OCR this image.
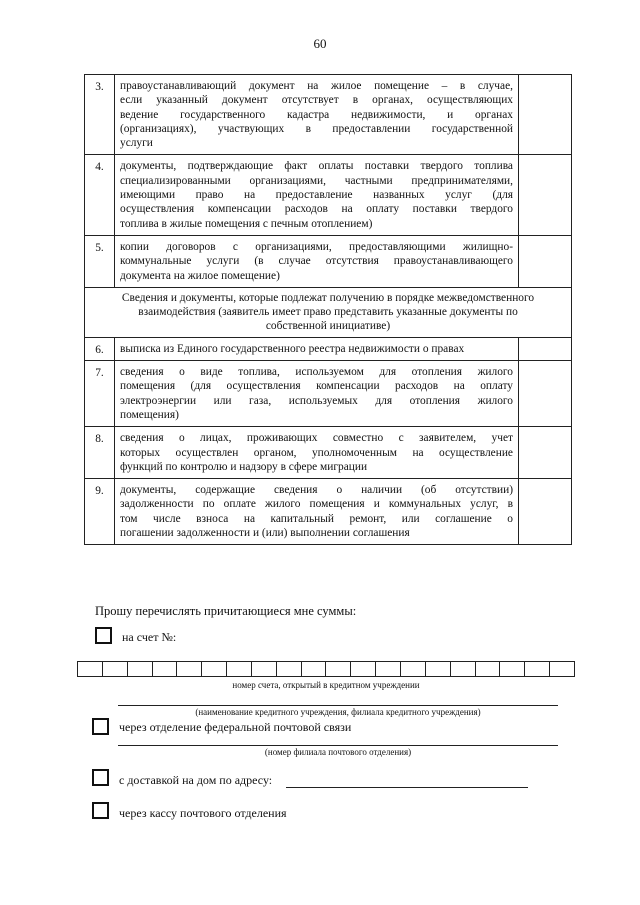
60
3.	правоустанавливающий документ на жилое помещение – в случае,
если указанный документ отсутствует в органах, осуществляющих
ведение государственного кадастра недвижимости, и органах
(организациях), участвующих в предоставлении государственной
услуги	

4.	документы, подтверждающие факт оплаты поставки твердого топлива
специализированными организациями, частными предпринимателями,
имеющими право на предоставление названных услуг (для
осуществления компенсации расходов на оплату поставки твердого
топлива в жилые помещения с печным отоплением)	

5.	копии договоров с организациями, предоставляющими жилищно-
коммунальные услуги (в случае отсутствия правоустанавливающего
документа на жилое помещение)	

Сведения и документы, которые подлежат получению в порядке межведомственного
взаимодействия (заявитель имеет право представить указанные документы по
собственной инициативе)		

6.	выписка из Единого государственного реестра недвижимости о правах	

7.	сведения о виде топлива, используемом для отопления жилого
помещения (для осуществления компенсации расходов на оплату
электроэнергии или газа, используемых для отопления жилого
помещения)	

8.	сведения о лицах, проживающих совместно с заявителем, учет
которых осуществлен органом, уполномоченным на осуществление
функций по контролю и надзору в сфере миграции	

9.	документы, содержащие сведения о наличии (об отсутствии)
задолженности по оплате жилого помещения и коммунальных услуг, в
том числе взноса на капитальный ремонт, или соглашение о
погашении задолженности и (или) выполнении соглашения	

Прошу перечислять причитающиеся мне суммы:
на счет №:
номер счета, открытый в кредитном учреждении
(наименование кредитного учреждения, филиала кредитного учреждения)
через отделение федеральной почтовой связи
(номер филиала почтового отделения)
с доставкой на дом по адресу:
через кассу почтового отделения
